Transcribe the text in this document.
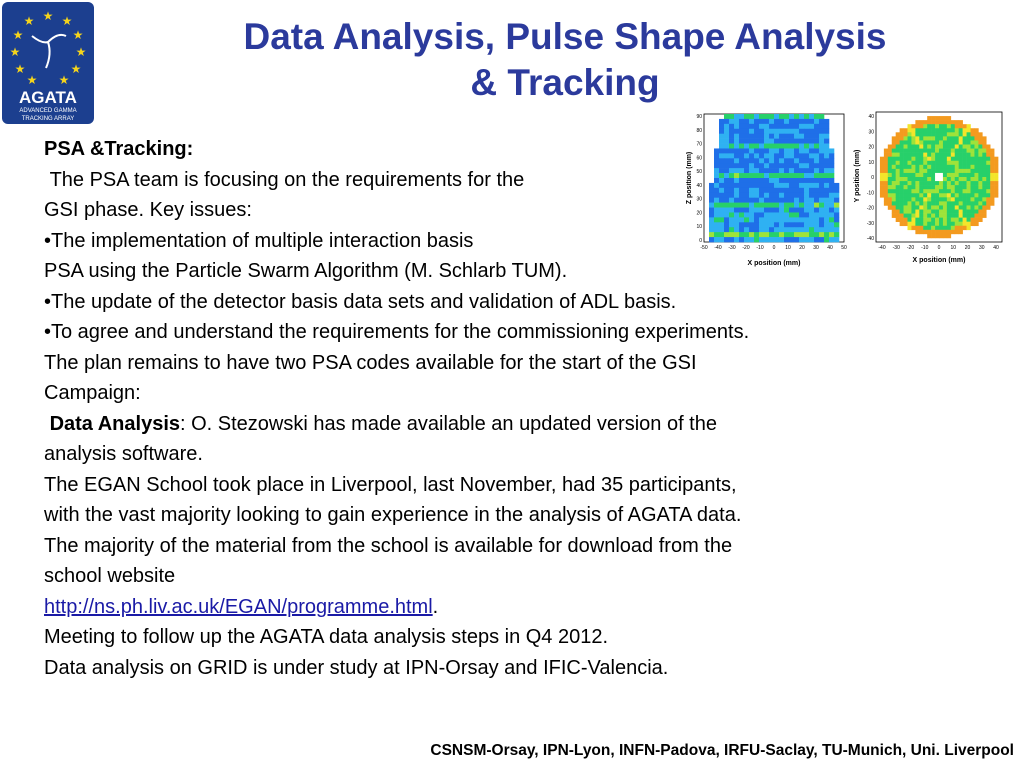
★ ★
★
★
★
★
★
★
★
★ ★
AGATA
ADVANCED GAMMA
TRACKING ARRAY
Data Analysis, Pulse Shape Analysis
& Tracking
-50 -40 -30 -20 -10 0 10 20 30 40 50
90
80
70
60
50
40
30
20
10
0
X position (mm)
Z position (mm)
-40 -30 -20 -10 0 10 20 30 40
40
30
20
10
0
-10
-20
-30
-40
X position (mm)
Y position (mm)

PSA &Tracking:

The PSA team is focusing on the requirements for the

GSI phase. Key issues:

•The implementation of multiple interaction basis

PSA using the Particle Swarm Algorithm (M. Schlarb TUM).

•The update of the detector basis data sets and validation of ADL basis.

•To agree and understand the requirements for the commissioning experiments.

The plan remains to have two PSA codes available for the start of the GSI

Campaign:

Data Analysis: O. Stezowski has made available an updated version of the

analysis software.

The EGAN School took place in Liverpool, last November, had 35 participants,

with the vast majority looking to gain experience in the analysis of AGATA data.

The majority of the material from the school is available for download from the

school website

http://ns.ph.liv.ac.uk/EGAN/programme.html.

Meeting to follow up the AGATA data analysis steps in Q4 2012.

Data analysis on GRID is under study at IPN-Orsay and IFIC-Valencia.

CSNSM-Orsay, IPN-Lyon, INFN-Padova, IRFU-Saclay, TU-Munich, Uni. Liverpool
